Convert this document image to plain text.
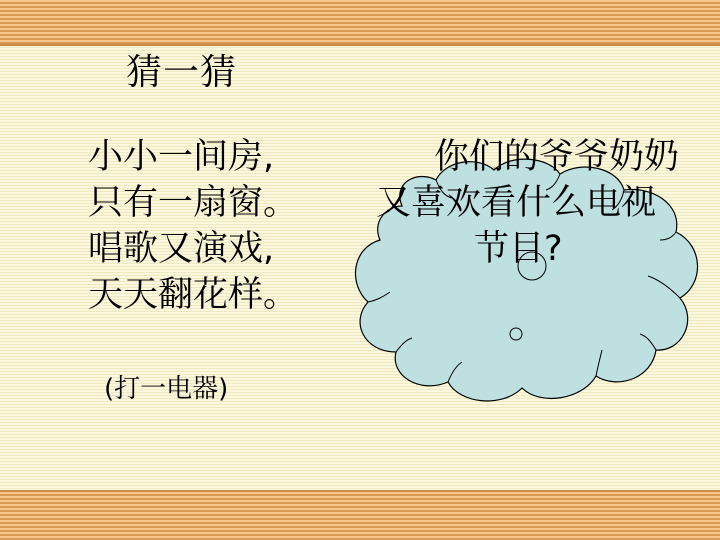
猜一猜
小小一间房,
只有一扇窗。
唱歌又演戏,
天天翻花样。
(打一电器)
你们的爷爷奶奶
又喜欢看什么电视
节目?
